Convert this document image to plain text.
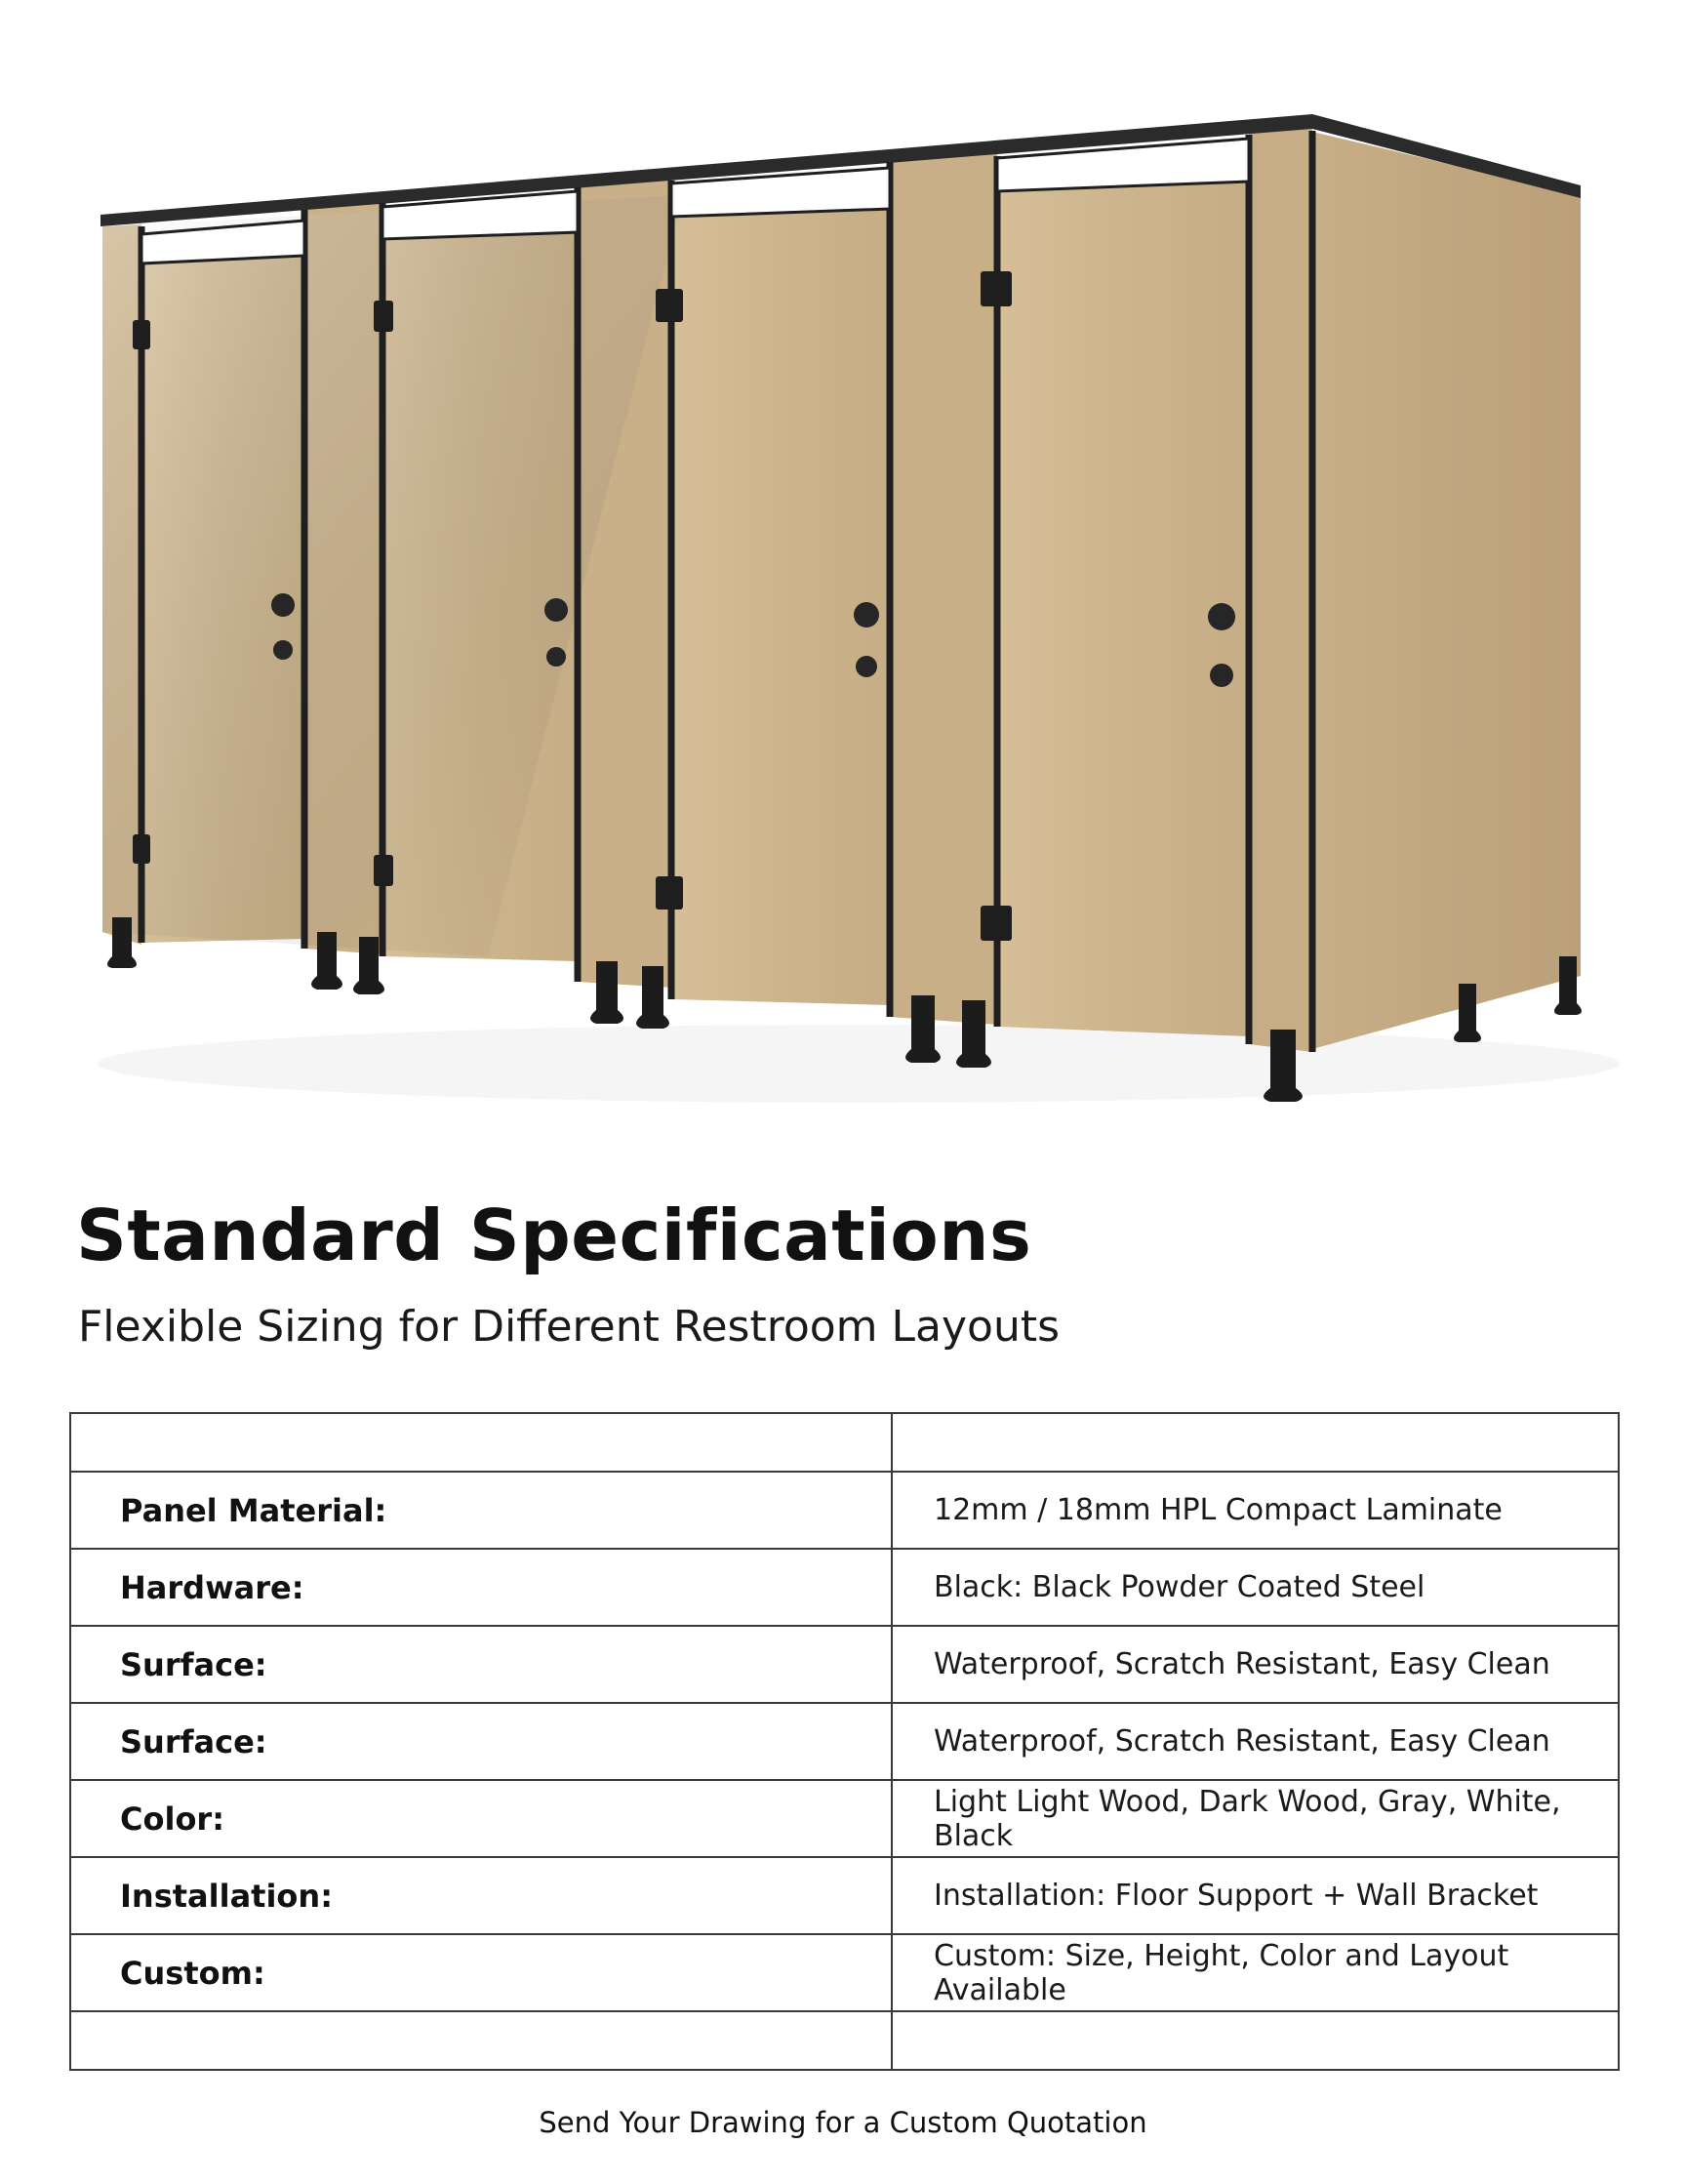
Standard Specifications
Flexible Sizing for Different Restroom Layouts

Panel Material:	12mm / 18mm HPL Compact Laminate
Hardware:	Black: Black Powder Coated Steel
Surface:	Waterproof, Scratch Resistant, Easy Clean
Surface:	Waterproof, Scratch Resistant, Easy Clean
Color:	Light Light Wood, Dark Wood, Gray, White, Black
Installation:	Installation: Floor Support + Wall Bracket
Custom:	Custom: Size, Height, Color and Layout Available

Send Your Drawing for a Custom Quotation
